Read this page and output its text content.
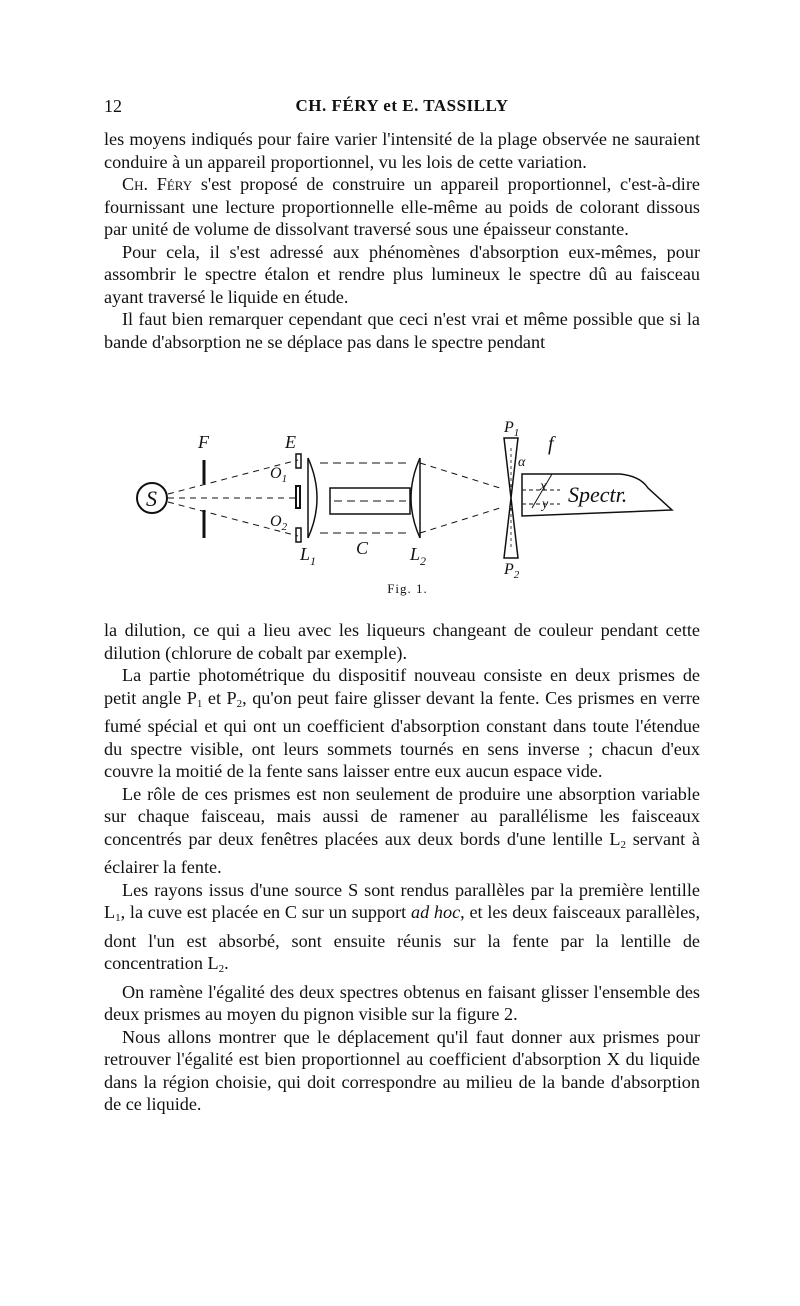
12	CH. FÉRY et E. TASSILLY

les moyens indiqués pour faire varier l'intensité de la plage observée ne sauraient conduire à un appareil proportionnel, vu les lois de cette variation.

Ch. Féry s'est proposé de construire un appareil proportionnel, c'est-à-dire fournissant une lecture proportionnelle elle-même au poids de colorant dissous par unité de volume de dissolvant traversé sous une épaisseur constante.

Pour cela, il s'est adressé aux phénomènes d'absorption eux-mêmes, pour assombrir le spectre étalon et rendre plus lumineux le spectre dû au faisceau ayant traversé le liquide en étude.

Il faut bien remarquer cependant que ceci n'est vrai et même possible que si la bande d'absorption ne se déplace pas dans le spectre pendant

S
F	E
$O_1$
$O_2$
$P_1$
$P_2$
α
f
x
y Spectr.
$L_1$
C $L_2$
Fig. 1.

la dilution, ce qui a lieu avec les liqueurs changeant de couleur pendant cette dilution (chlorure de cobalt par exemple).

La partie photométrique du dispositif nouveau consiste en deux prismes de petit angle $P_1$ et $P_2$, qu'on peut faire glisser devant la fente. Ces prismes en verre fumé spécial et qui ont un coefficient d'absorption constant dans toute l'étendue du spectre visible, ont leurs sommets tournés en sens inverse ; chacun d'eux couvre la moitié de la fente sans laisser entre eux aucun espace vide.

Le rôle de ces prismes est non seulement de produire une absorption variable sur chaque faisceau, mais aussi de ramener au parallélisme les faisceaux concentrés par deux fenêtres placées aux deux bords d'une lentille $L_2$ servant à éclairer la fente.

Les rayons issus d'une source S sont rendus parallèles par la première lentille $L_1$, la cuve est placée en C sur un support ad hoc, et les deux faisceaux parallèles, dont l'un est absorbé, sont ensuite réunis sur la fente par la lentille de concentration $L_2$.

On ramène l'égalité des deux spectres obtenus en faisant glisser l'ensemble des deux prismes au moyen du pignon visible sur la figure 2.

Nous allons montrer que le déplacement qu'il faut donner aux prismes pour retrouver l'égalité est bien proportionnel au coefficient d'absorption X du liquide dans la région choisie, qui doit correspondre au milieu de la bande d'absorption de ce liquide.
